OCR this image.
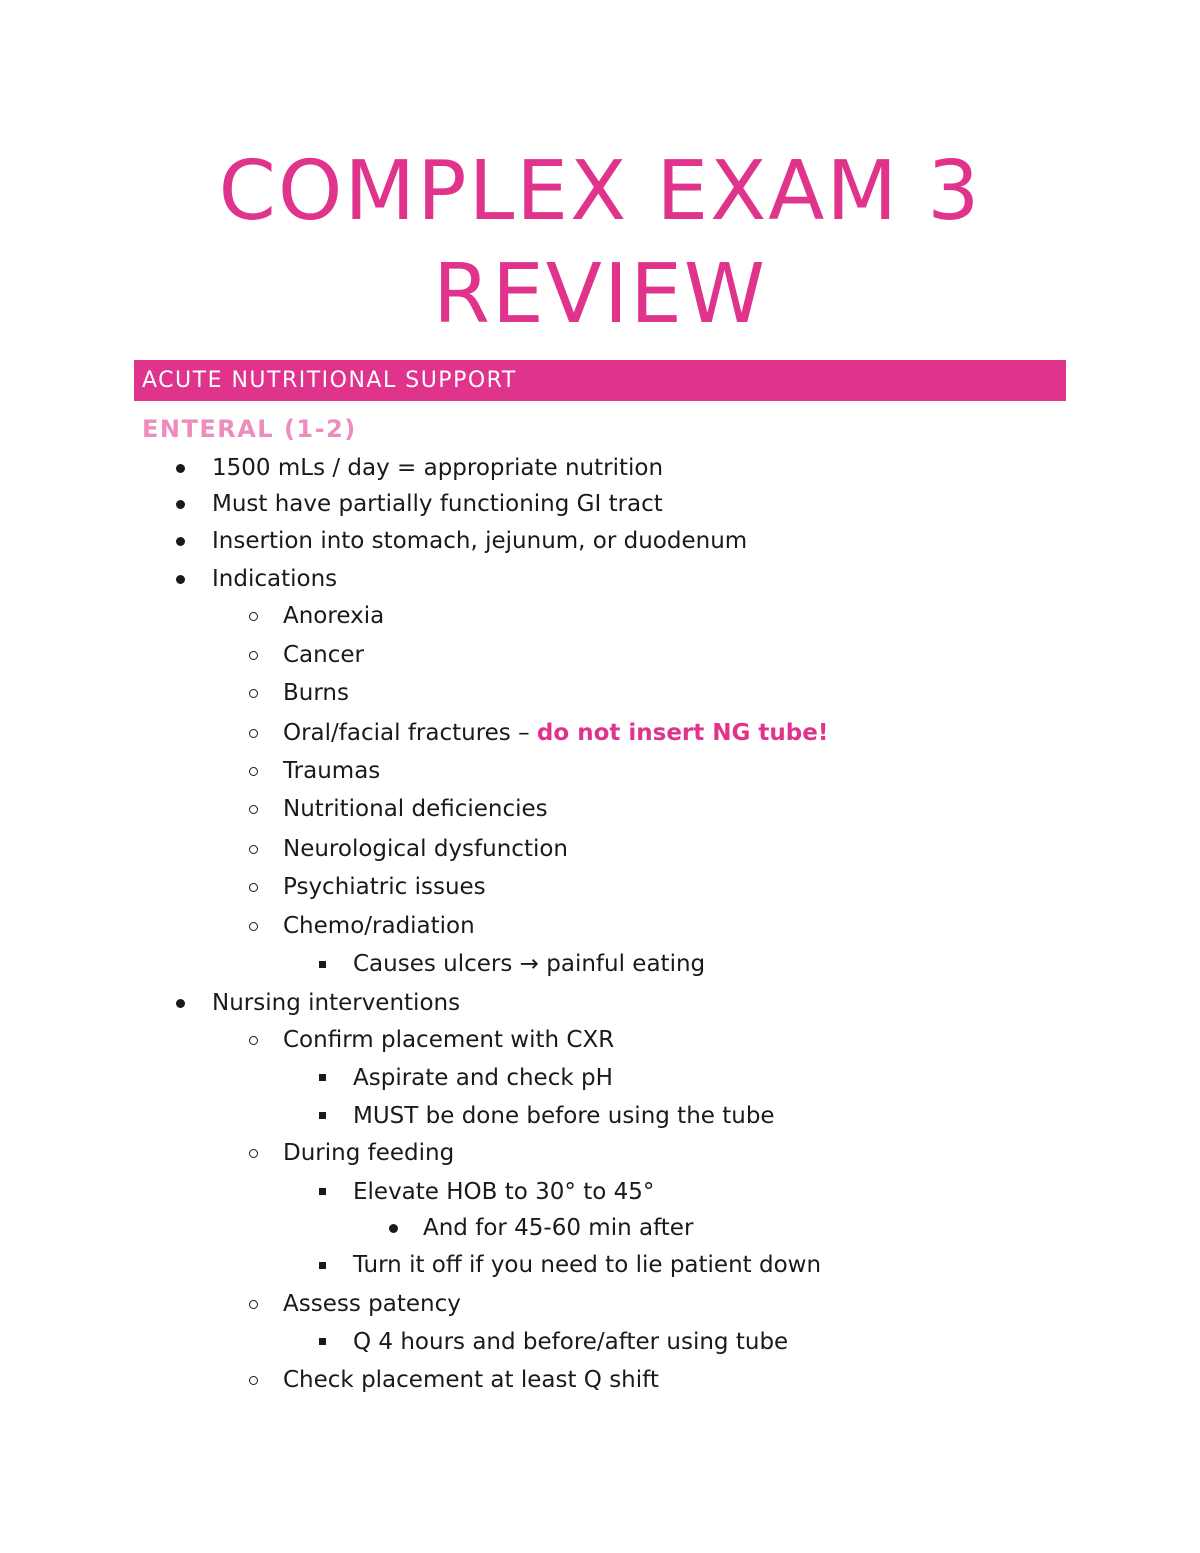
COMPLEX EXAM 3
REVIEW
ACUTE NUTRITIONAL SUPPORT
ENTERAL (1-2)
1500 mLs / day = appropriate nutrition
Must have partially functioning GI tract
Insertion into stomach, jejunum, or duodenum
Indications
Anorexia
Cancer
Burns
Oral/facial fractures – do not insert NG tube!
Traumas
Nutritional deficiencies
Neurological dysfunction
Psychiatric issues
Chemo/radiation
Causes ulcers → painful eating
Nursing interventions
Confirm placement with CXR
Aspirate and check pH
MUST be done before using the tube
During feeding
Elevate HOB to 30° to 45°
And for 45-60 min after
Turn it off if you need to lie patient down
Assess patency
Q 4 hours and before/after using tube
Check placement at least Q shift
